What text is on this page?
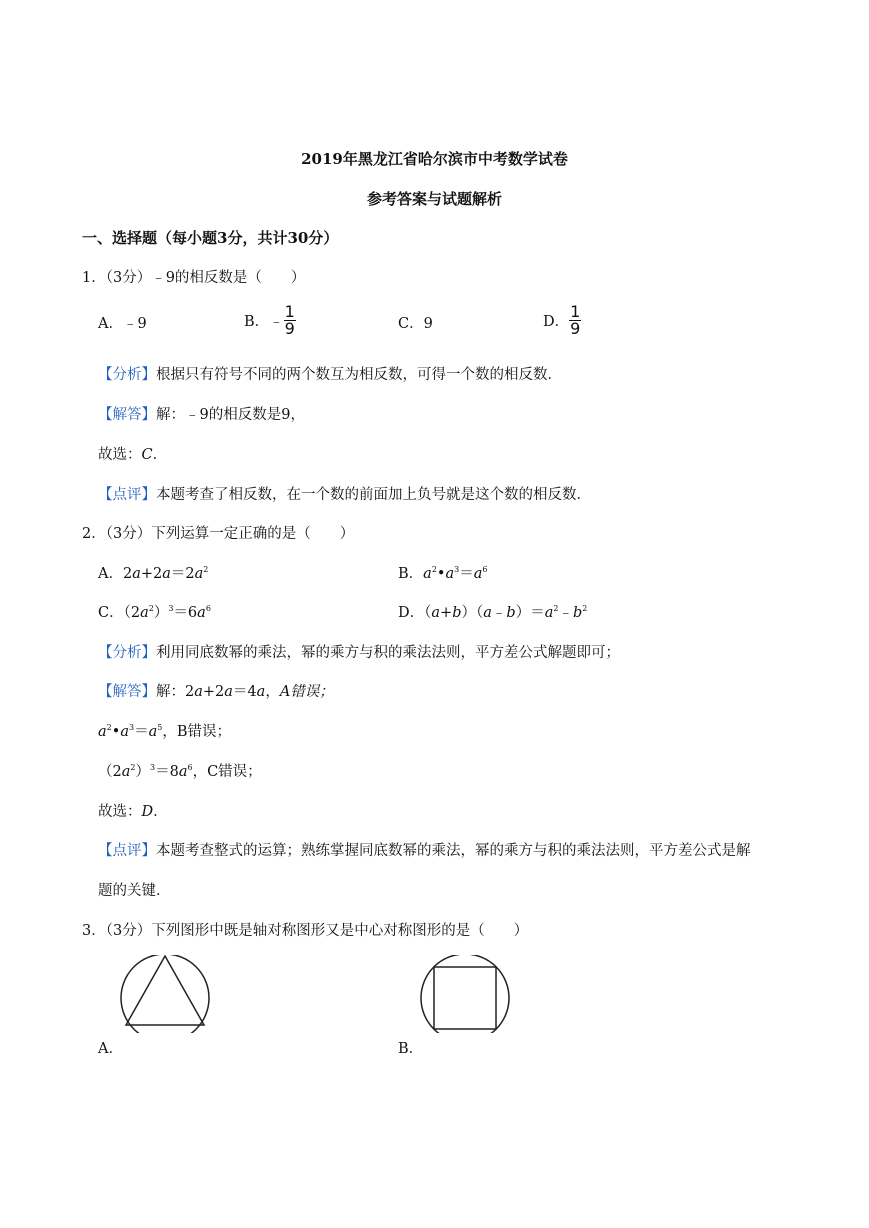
2019年黑龙江省哈尔滨市中考数学试卷
参考答案与试题解析
一、选择题（每小题3分，共计30分）
1．（3分）﹣9的相反数是（　　）
A．﹣9	B．﹣ $\frac{1}{9}$	C．9	D． $\frac{1}{9}$
【分析】根据只有符号不同的两个数互为相反数，可得一个数的相反数．
【解答】解：﹣9的相反数是9，
故选：C．
【点评】本题考查了相反数，在一个数的前面加上负号就是这个数的相反数．
2．（3分）下列运算一定正确的是（　　）
A．$2a+2a=2a^2$	B．$a^2•a^3=a^6$
C．$(2a^2)^3=6a^6$	D．$(a+b)(a﹣b)=a^2﹣b^2$
【分析】利用同底数幂的乘法，幂的乘方与积的乘法法则，平方差公式解题即可；
【解答】解：2a+2a＝4a，A错误；
$a^2•a^3=a^5$，B错误；
$(2a^2)^3=8a^6$，C错误；
故选：D．
【点评】本题考查整式的运算；熟练掌握同底数幂的乘法，幂的乘方与积的乘法法则，平方差公式是解
题的关键．
3．（3分）下列图形中既是轴对称图形又是中心对称图形的是（　　）
A．	B．
